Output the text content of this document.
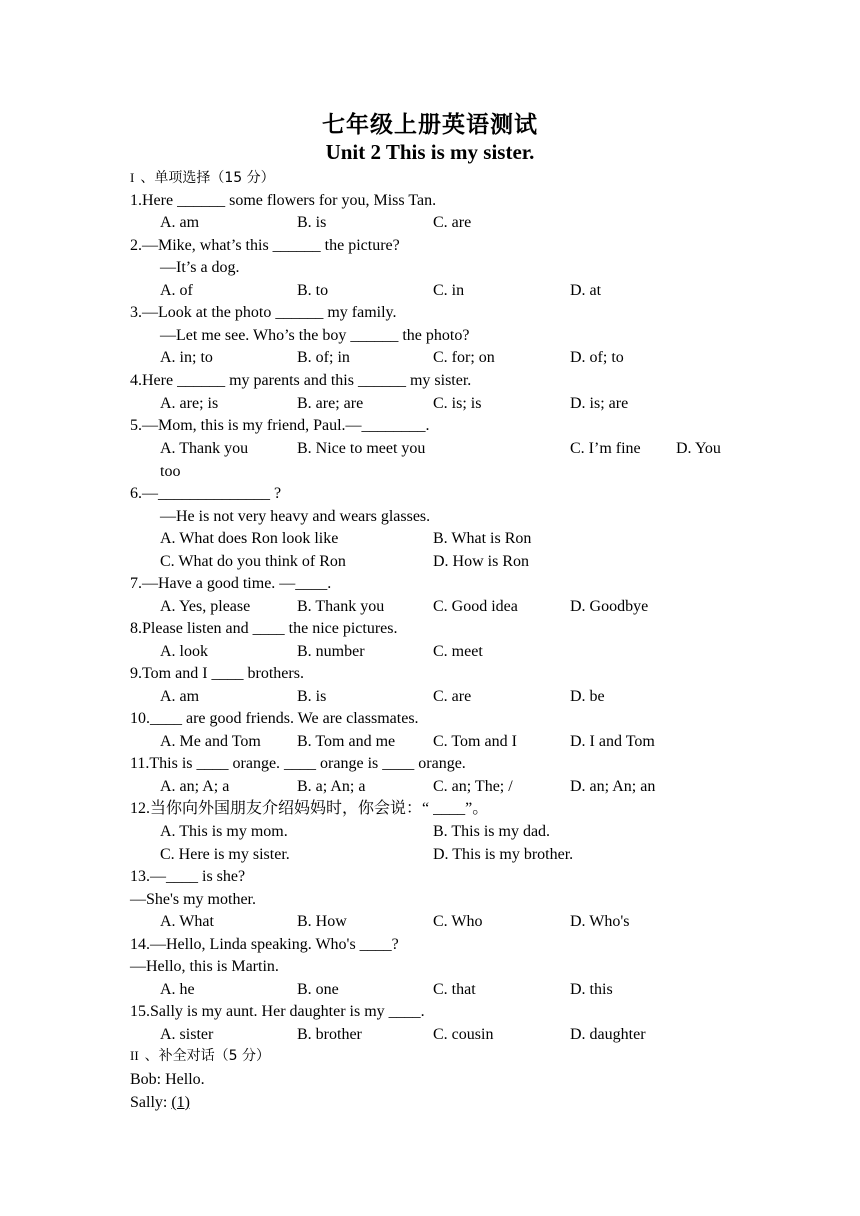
七年级上册英语测试
Unit 2 This is my sister.
I 、单项选择（15 分）
1.Here ______ some flowers for you, Miss Tan.
A. am	B. is	C. are
2.—Mike, what’s this ______ the picture?
—It’s a dog.
A. of	B. to	C. in	D. at
3.—Look at the photo ______ my family.
—Let me see. Who’s the boy ______ the photo?
A. in; to	B. of; in	C. for; on	D. of; to
4.Here ______ my parents and this ______ my sister.
A. are; is	B. are; are	C. is; is	D. is; are
5.—Mom, this is my friend, Paul.—________.
A. Thank you	B. Nice to meet you	C. I’m fine D. You
too
6.—______________ ?
—He is not very heavy and wears glasses.
A. What does Ron look like	B. What is Ron
C. What do you think of Ron	D. How is Ron
7.—Have a good time. —____.
A. Yes, please	B. Thank you	C. Good idea	D. Goodbye
8.Please listen and ____ the nice pictures.
A. look	B. number	C. meet
9.Tom and I ____ brothers.
A. am	B. is	C. are	D. be
10.____ are good friends. We are classmates.
A. Me and Tom B. Tom and me C. Tom and I	D. I and Tom
11.This is ____ orange. ____ orange is ____ orange.
A. an; A; a	B. a; An; a	C. an; The; /	D. an; An; an
12.当你向外国朋友介绍妈妈时，你会说：“ ____”。
A. This is my mom.	B. This is my dad.
C. Here is my sister.	D. This is my brother.
13.—____ is she?
—She's my mother.
A. What	B. How	C. Who	D. Who's
14.—Hello, Linda speaking. Who's ____?
—Hello, this is Martin.
A. he	B. one	C. that	D. this
15.Sally is my aunt. Her daughter is my ____.
A. sister	B. brother	C. cousin	D. daughter
II 、补全对话（5 分）
Bob: Hello.
Sally: (1)
